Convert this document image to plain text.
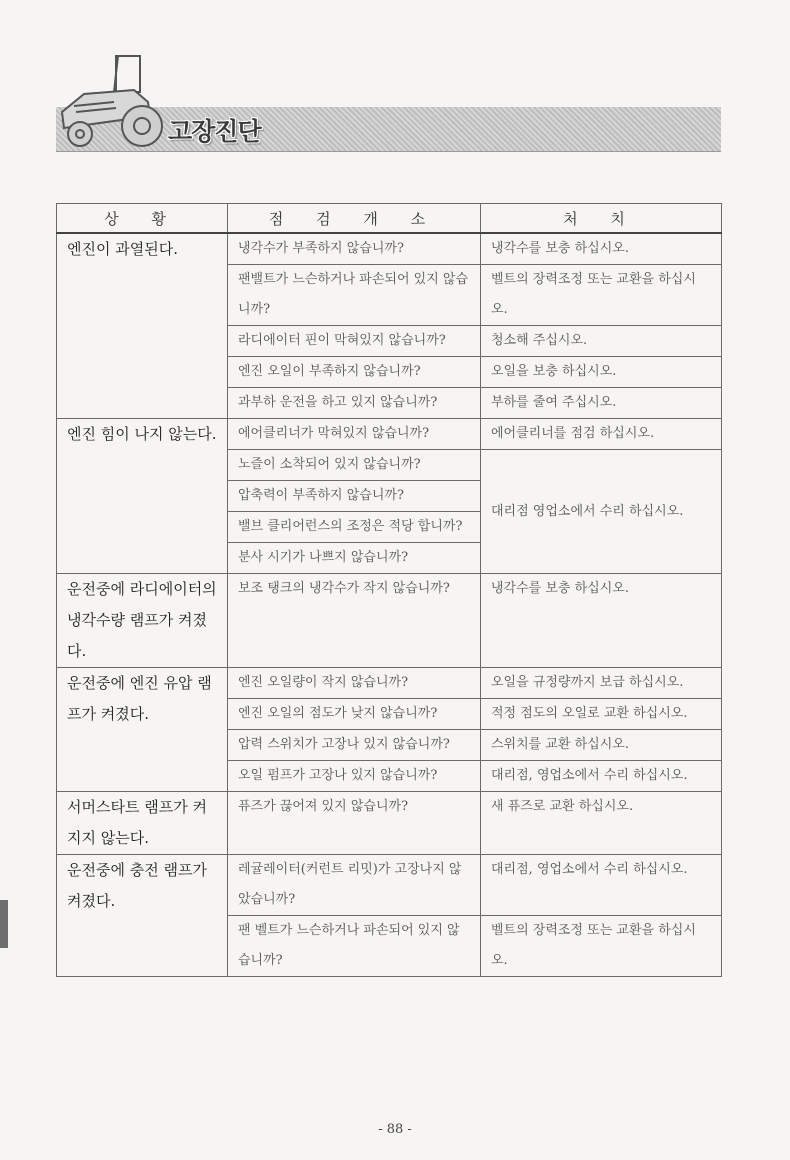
고장진단
상 황	점 검 개 소	처 치
엔진이 과열된다.	냉각수가 부족하지 않습니까?	냉각수를 보충 하십시오.
	팬밸트가 느슨하거나 파손되어 있지 않습니까?	벨트의 장력조정 또는 교환을 하십시오.
	라디에이터 핀이 막혀있지 않습니까?	청소해 주십시오.
	엔진 오일이 부족하지 않습니까?	오일을 보충 하십시오.
	과부하 운전을 하고 있지 않습니까?	부하를 줄여 주십시오.
엔진 힘이 나지 않는다.	에어클리너가 막혀있지 않습니까?	에어클리너를 점검 하십시오.
	노즐이 소착되어 있지 않습니까?	대리점 영업소에서 수리 하십시오.
	압축력이 부족하지 않습니까?	
	밸브 클리어런스의 조정은 적당 합니까?	
	분사 시기가 나쁘지 않습니까?	
운전중에 라디에이터의 냉각수량 램프가 켜졌다.	보조 탱크의 냉각수가 작지 않습니까?	냉각수를 보충 하십시오.
운전중에 엔진 유압 램프가 켜졌다.	엔진 오일량이 작지 않습니까?	오일을 규정량까지 보급 하십시오.
	엔진 오일의 점도가 낮지 않습니까?	적정 점도의 오일로 교환 하십시오.
	압력 스위치가 고장나 있지 않습니까?	스위치를 교환 하십시오.
	오일 펌프가 고장나 있지 않습니까?	대리점, 영업소에서 수리 하십시오.
서머스타트 램프가 켜지지 않는다.	퓨즈가 끊어져 있지 않습니까?	새 퓨즈로 교환 하십시오.
운전중에 충전 램프가 켜졌다.	레귤레이터(커런트 리밋)가 고장나지 않았습니까?	대리점, 영업소에서 수리 하십시오.
	팬 벨트가 느슨하거나 파손되어 있지 않습니까?	벨트의 장력조정 또는 교환을 하십시오.
- 88 -
